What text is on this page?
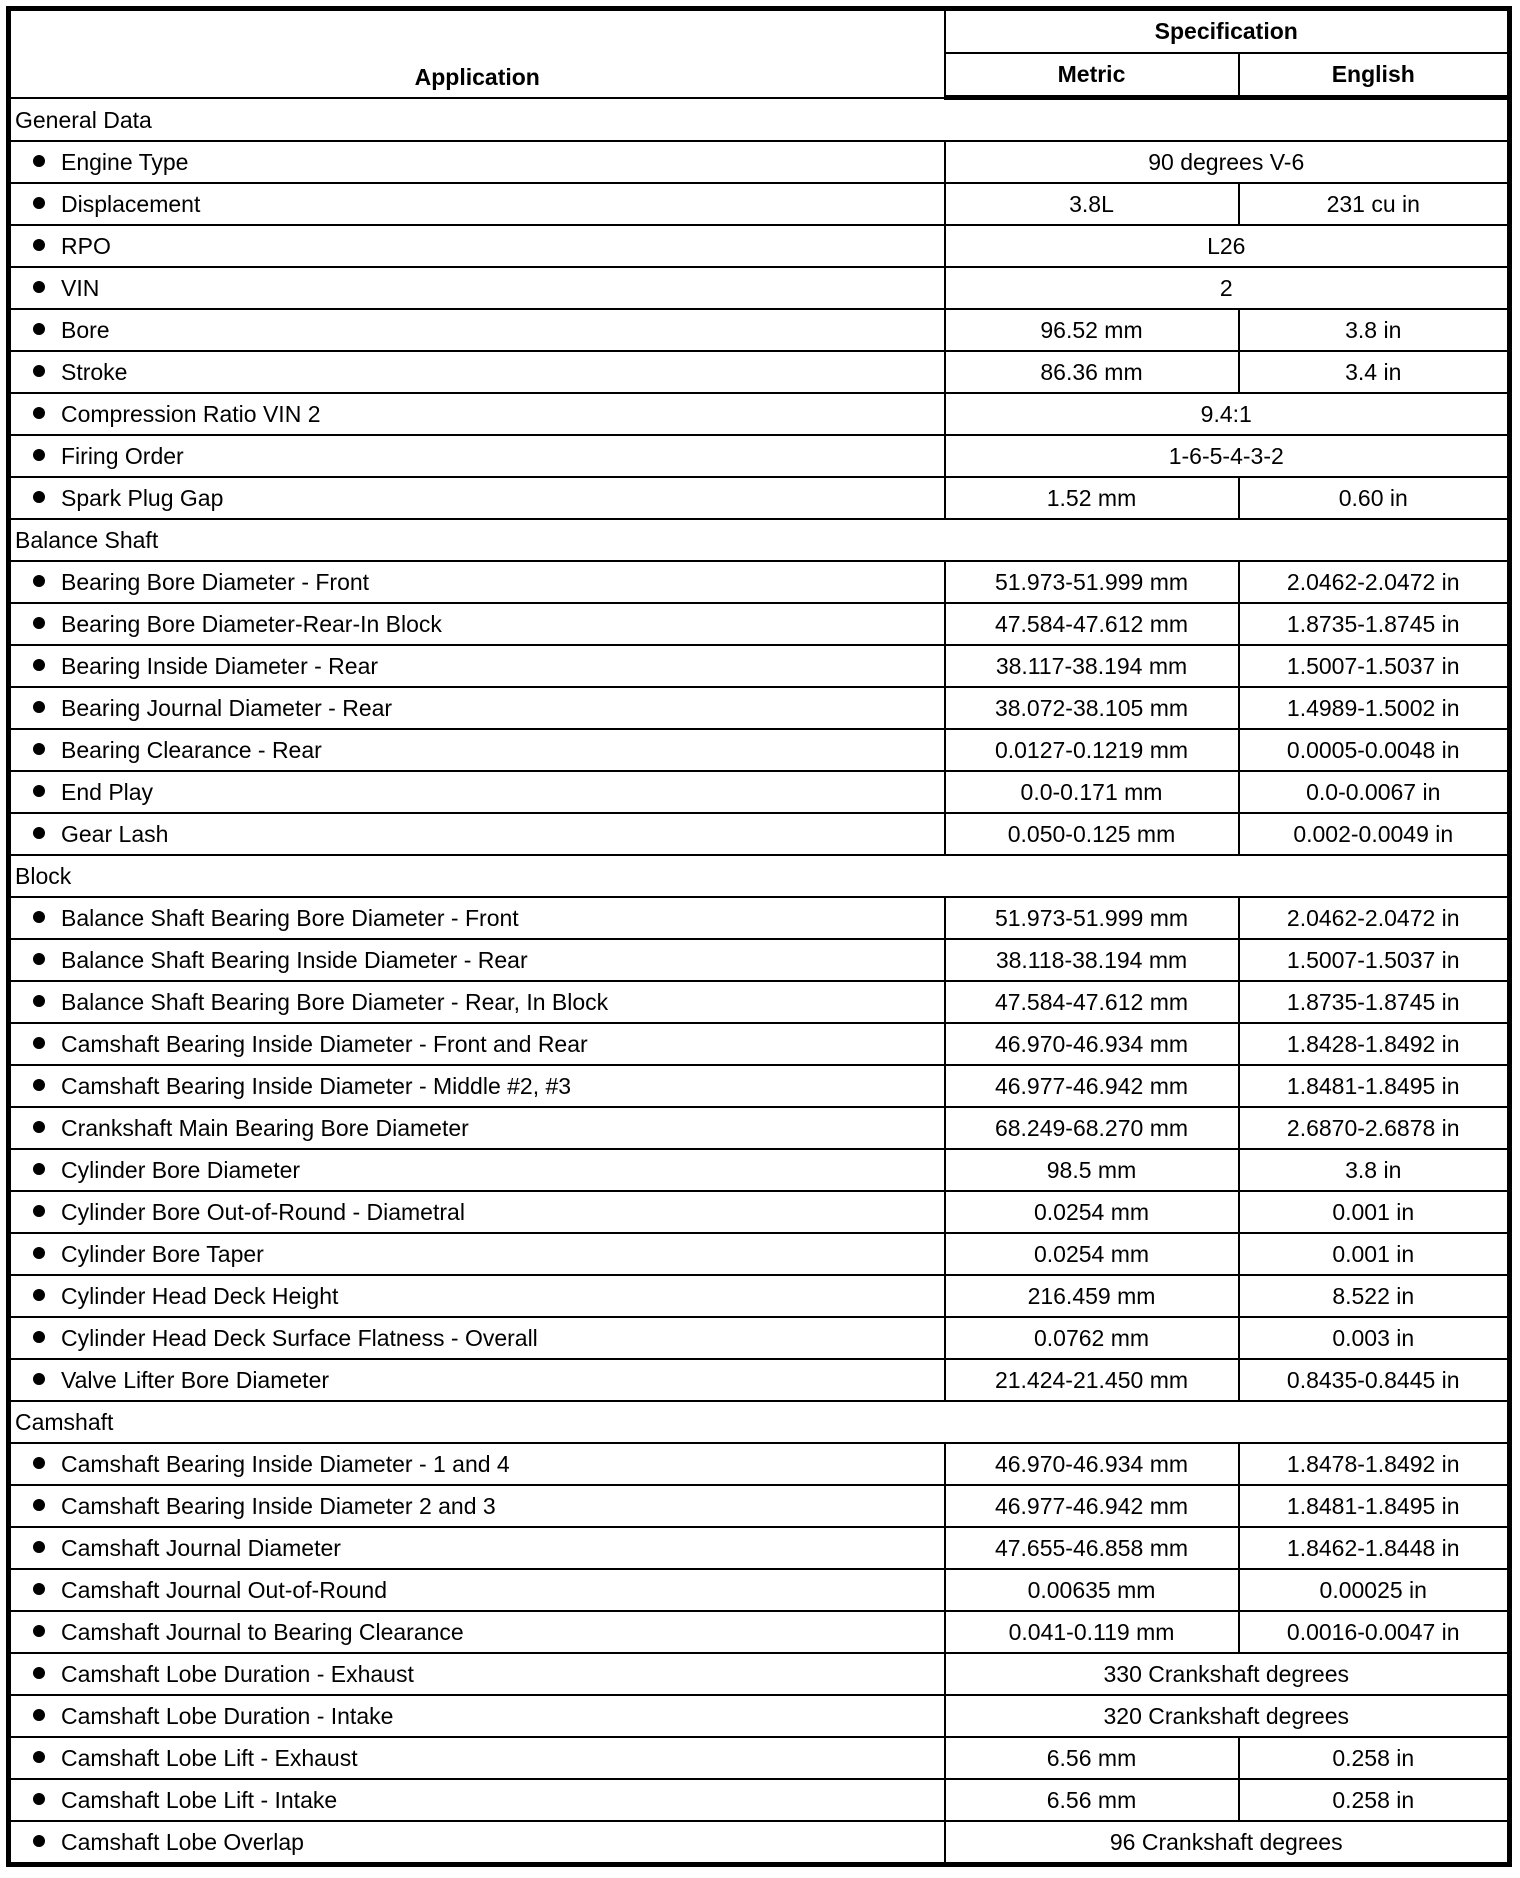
Application	Specification	
	Metric	English
General Data		
Engine Type	90 degrees V-6	
Displacement	3.8L	231 cu in
RPO	L26	
VIN	2	
Bore	96.52 mm	3.8 in
Stroke	86.36 mm	3.4 in
Compression Ratio VIN 2	9.4:1	
Firing Order	1-6-5-4-3-2	
Spark Plug Gap	1.52 mm	0.60 in
Balance Shaft		
Bearing Bore Diameter - Front	51.973-51.999 mm	2.0462-2.0472 in
Bearing Bore Diameter-Rear-In Block	47.584-47.612 mm	1.8735-1.8745 in
Bearing Inside Diameter - Rear	38.117-38.194 mm	1.5007-1.5037 in
Bearing Journal Diameter - Rear	38.072-38.105 mm	1.4989-1.5002 in
Bearing Clearance - Rear	0.0127-0.1219 mm	0.0005-0.0048 in
End Play	0.0-0.171 mm	0.0-0.0067 in
Gear Lash	0.050-0.125 mm	0.002-0.0049 in
Block		
Balance Shaft Bearing Bore Diameter - Front	51.973-51.999 mm	2.0462-2.0472 in
Balance Shaft Bearing Inside Diameter - Rear	38.118-38.194 mm	1.5007-1.5037 in
Balance Shaft Bearing Bore Diameter - Rear, In Block	47.584-47.612 mm	1.8735-1.8745 in
Camshaft Bearing Inside Diameter - Front and Rear	46.970-46.934 mm	1.8428-1.8492 in
Camshaft Bearing Inside Diameter - Middle #2, #3	46.977-46.942 mm	1.8481-1.8495 in
Crankshaft Main Bearing Bore Diameter	68.249-68.270 mm	2.6870-2.6878 in
Cylinder Bore Diameter	98.5 mm	3.8 in
Cylinder Bore Out-of-Round - Diametral	0.0254 mm	0.001 in
Cylinder Bore Taper	0.0254 mm	0.001 in
Cylinder Head Deck Height	216.459 mm	8.522 in
Cylinder Head Deck Surface Flatness - Overall	0.0762 mm	0.003 in
Valve Lifter Bore Diameter	21.424-21.450 mm	0.8435-0.8445 in
Camshaft		
Camshaft Bearing Inside Diameter - 1 and 4	46.970-46.934 mm	1.8478-1.8492 in
Camshaft Bearing Inside Diameter 2 and 3	46.977-46.942 mm	1.8481-1.8495 in
Camshaft Journal Diameter	47.655-46.858 mm	1.8462-1.8448 in
Camshaft Journal Out-of-Round	0.00635 mm	0.00025 in
Camshaft Journal to Bearing Clearance	0.041-0.119 mm	0.0016-0.0047 in
Camshaft Lobe Duration - Exhaust	330 Crankshaft degrees	
Camshaft Lobe Duration - Intake	320 Crankshaft degrees	
Camshaft Lobe Lift - Exhaust	6.56 mm	0.258 in
Camshaft Lobe Lift - Intake	6.56 mm	0.258 in
Camshaft Lobe Overlap	96 Crankshaft degrees	
